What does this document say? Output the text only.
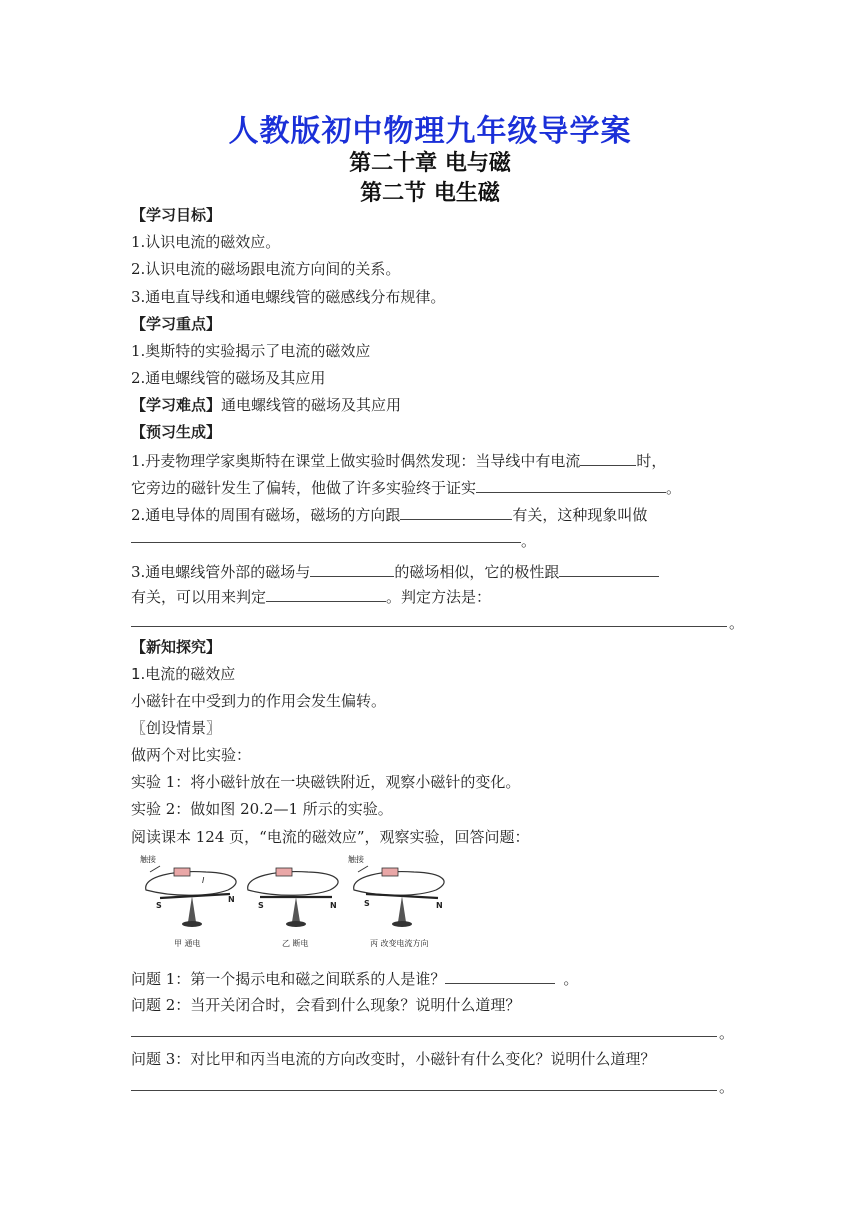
人教版初中物理九年级导学案
第二十章 电与磁
第二节 电生磁
【学习目标】
1.认识电流的磁效应。
2.认识电流的磁场跟电流方向间的关系。
3.通电直导线和通电螺线管的磁感线分布规律。
【学习重点】
1.奥斯特的实验揭示了电流的磁效应
2.通电螺线管的磁场及其应用
【学习难点】通电螺线管的磁场及其应用
【预习生成】
1.丹麦物理学家奥斯特在课堂上做实验时偶然发现：当导线中有电流	时，
它旁边的磁针发生了偏转，他做了许多实验终于证实	。
2.通电导体的周围有磁场，磁场的方向跟	有关，这种现象叫做
。
3.通电螺线管外部的磁场与	的磁场相似，它的极性跟
有关，可以用来判定	。判定方法是：
。
【新知探究】
1.电流的磁效应
小磁针在中受到力的作用会发生偏转。
〖创设情景〗
做两个对比实验：
实验 1：将小磁针放在一块磁铁附近，观察小磁针的变化。
实验 2：做如图 20.2—1 所示的实验。
阅读课本 124 页，“电流的磁效应”，观察实验，回答问题：
触接
I
S
N
甲 通电
S	N
乙 断电
触接
S	N
丙 改变电流方向
问题 1：第一个揭示电和磁之间联系的人是谁？	。
问题 2：当开关闭合时，会看到什么现象？说明什么道理？
。
问题 3：对比甲和丙当电流的方向改变时，小磁针有什么变化？说明什么道理？
。
